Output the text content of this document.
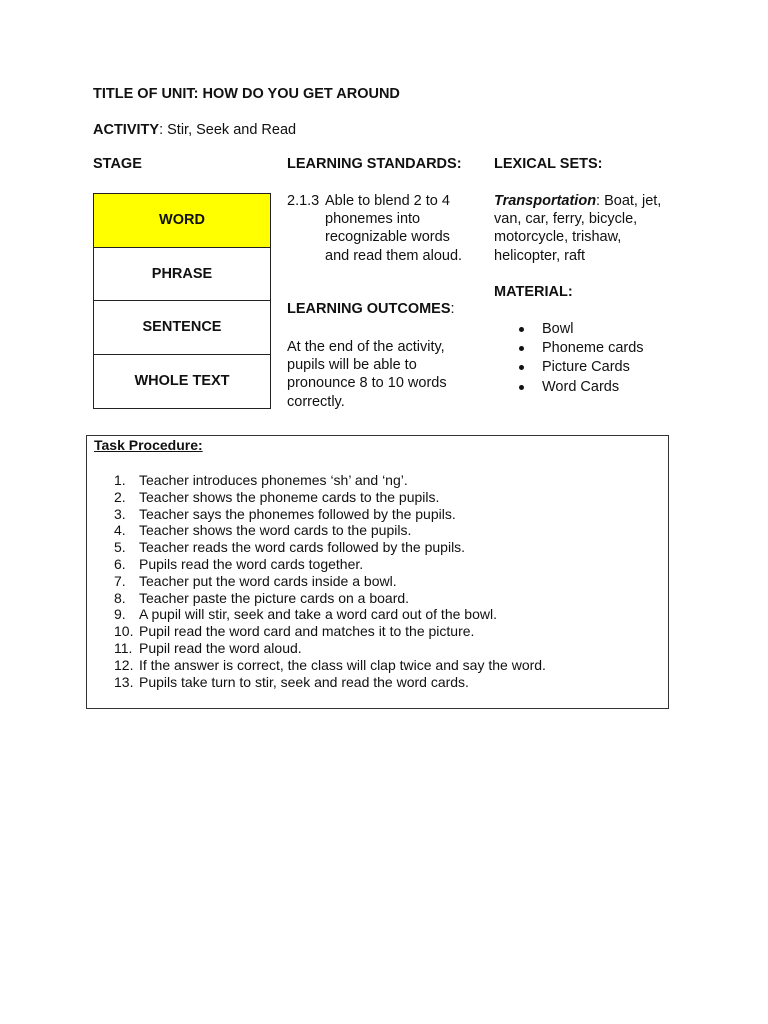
TITLE OF UNIT: HOW DO YOU GET AROUND
ACTIVITY: Stir, Seek and Read
STAGE	LEARNING STANDARDS: LEXICAL SETS:
WORD
PHRASE
SENTENCE
WHOLE TEXT
2.1.3 Able to blend 2 to 4
phonemes into
recognizable words
and read them aloud.
LEARNING OUTCOMES:
At the end of the activity,
pupils will be able to
pronounce 8 to 10 words
correctly.
Transportation: Boat, jet,
van, car, ferry, bicycle,
motorcycle, trishaw,
helicopter, raft
MATERIAL:
Bowl
Phoneme cards
Picture Cards
Word Cards
Task Procedure:
1. Teacher introduces phonemes ‘sh’ and ‘ng’.
2. Teacher shows the phoneme cards to the pupils.
3. Teacher says the phonemes followed by the pupils.
4. Teacher shows the word cards to the pupils.
5. Teacher reads the word cards followed by the pupils.
6. Pupils read the word cards together.
7. Teacher put the word cards inside a bowl.
8. Teacher paste the picture cards on a board.
9. A pupil will stir, seek and take a word card out of the bowl.
10. Pupil read the word card and matches it to the picture.
11. Pupil read the word aloud.
12. If the answer is correct, the class will clap twice and say the word.
13. Pupils take turn to stir, seek and read the word cards.
